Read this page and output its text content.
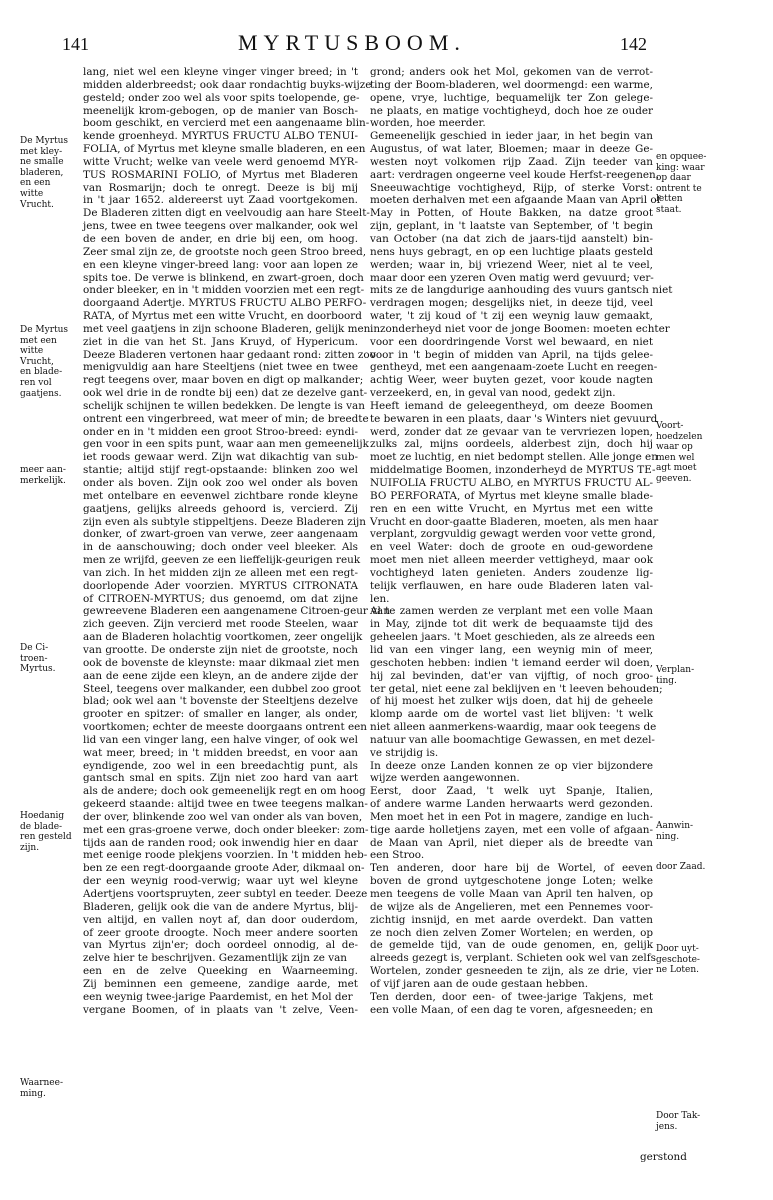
141	MYRTUSBOOM.	142
lang, niet wel een kleyne vinger vinger breed; in 't
midden alderbreedst; ook daar rondachtig buyks-wijze
gesteld; onder zoo wel als voor spits toelopende, ge-
meenelijk krom-gebogen, op de manier van Bosch-
boom geschikt, en vercierd met een aangenaame blin-
kende groenheyd. MYRTUS FRUCTU ALBO TENUI-
FOLIA, of Myrtus met kleyne smalle bladeren, en een
witte Vrucht; welke van veele werd genoemd MYR-
TUS ROSMARINI FOLIO, of Myrtus met Bladeren
van Rosmarijn; doch te onregt. Deeze is bij mij
in 't jaar 1652. aldereerst uyt Zaad voortgekomen.
De Bladeren zitten digt en veelvoudig aan hare Steelt-
jens, twee en twee teegens over malkander, ook wel
de een boven de ander, en drie bij een, om hoog.
Zeer smal zijn ze, de grootste noch geen Stroo breed,
en een kleyne vinger-breed lang: voor aan lopen ze
spits toe. De verwe is blinkend, en zwart-groen, doch
onder bleeker, en in 't midden voorzien met een regt-
doorgaand Adertje. MYRTUS FRUCTU ALBO PERFO-
RATA, of Myrtus met een witte Vrucht, en doorboord
met veel gaatjens in zijn schoone Bladeren, gelijk men
ziet in die van het St. Jans Kruyd, of Hypericum.
Deeze Bladeren vertonen haar gedaant rond: zitten zoo
menigvuldig aan hare Steeltjens (niet twee en twee
regt teegens over, maar boven en digt op malkander;
ook wel drie in de rondte bij een) dat ze dezelve gant-
schelijk schijnen te willen bedekken. De lengte is van
ontrent een vingerbreed, wat meer of min; de breedte
onder en in 't midden een groot Stroo-breed: eyndi-
gen voor in een spits punt, waar aan men gemeenelijk
iet roods gewaar werd. Zijn wat dikachtig van sub-
stantie; altijd stijf regt-opstaande: blinken zoo wel
onder als boven. Zijn ook zoo wel onder als boven
met ontelbare en eevenwel zichtbare ronde kleyne
gaatjens, gelijks alreeds gehoord is, vercierd. Zij
zijn even als subtyle stippeltjens. Deeze Bladeren zijn
donker, of zwart-groen van verwe, zeer aangenaam
in de aanschouwing; doch onder veel bleeker. Als
men ze wrijfd, geeven ze een lieffelijk-geurigen reuk
van zich. In het midden zijn ze alleen met een regt-
doorlopende Ader voorzien. MYRTUS CITRONATA
of CITROEN-MYRTUS; dus genoemd, om dat zijne
gewreevene Bladeren een aangenamene Citroen-geur van
zich geeven. Zijn vercierd met roode Steelen, waar
aan de Bladeren holachtig voortkomen, zeer ongelijk
van grootte. De onderste zijn niet de grootste, noch
ook de bovenste de kleynste: maar dikmaal ziet men
aan de eene zijde een kleyn, an de andere zijde der
Steel, teegens over malkander, een dubbel zoo groot
blad; ook wel aan 't bovenste der Steeltjens dezelve
grooter en spitzer: of smaller en langer, als onder,
voortkomen; echter de meeste doorgaans ontrent een
lid van een vinger lang, een halve vinger, of ook wel
wat meer, breed; in 't midden breedst, en voor aan
eyndigende, zoo wel in een breedachtig punt, als
gantsch smal en spits. Zijn niet zoo hard van aart
als de andere; doch ook gemeenelijk regt en om hoog
gekeerd staande: altijd twee en twee teegens malkan-
der over, blinkende zoo wel van onder als van boven,
met een gras-groene verwe, doch onder bleeker: zom-
tijds aan de randen rood; ook inwendig hier en daar
met eenige roode plekjens voorzien. In 't midden heb-
ben ze een regt-doorgaande groote Ader, dikmaal on-
der een weynig rood-verwig; waar uyt wel kleyne
Adertjens voortspruyten, zeer subtyl en teeder. Deeze
Bladeren, gelijk ook die van de andere Myrtus, blij-
ven altijd, en vallen noyt af, dan door ouderdom,
of zeer groote droogte. Noch meer andere soorten
van Myrtus zijn'er; doch oordeel onnodig, al de-
zelve hier te beschrijven. Gezamentlijk zijn ze van
een en de zelve Queeking en Waarneeming.
Zij beminnen een gemeene, zandige aarde, met
een weynig twee-jarige Paardemist, en het Mol der
vergane Boomen, of in plaats van 't zelve, Veen-
grond; anders ook het Mol, gekomen van de verrot-
ting der Boom-bladeren, wel doormengd: een warme,
opene, vrye, luchtige, bequamelijk ter Zon gelege-
ne plaats, en matige vochtigheyd, doch hoe ze ouder
worden, hoe meerder.
Gemeenelijk geschied in ieder jaar, in het begin van
Augustus, of wat later, Bloemen; maar in deeze Ge-
westen noyt volkomen rijp Zaad. Zijn teeder van
aart: verdragen ongeerne veel koude Herfst-reegenen,
Sneeuwachtige vochtigheyd, Rijp, of sterke Vorst:
moeten derhalven met een afgaande Maan van April of
May in Potten, of Houte Bakken, na datze groot
zijn, geplant, in 't laatste van September, of 't begin
van October (na dat zich de jaars-tijd aanstelt) bin-
nens huys gebragt, en op een luchtige plaats gesteld
werden; waar in, bij vriezend Weer, niet al te veel,
maar door een yzeren Oven matig werd gevuurd; ver-
mits ze de langdurige aanhouding des vuurs gantsch niet
verdragen mogen; desgelijks niet, in deeze tijd, veel
water, 't zij koud of 't zij een weynig lauw gemaakt,
inzonderheyd niet voor de jonge Boomen: moeten echter
voor een doordringende Vorst wel bewaard, en niet
voor in 't begin of midden van April, na tijds gelee-
gentheyd, met een aangenaam-zoete Lucht en reegen-
achtig Weer, weer buyten gezet, voor koude nagten
verzeekerd, en, in geval van nood, gedekt zijn.
Heeft iemand de geleegentheyd, om deeze Boomen
te bewaren in een plaats, daar 's Winters niet gevuurd
werd, zonder dat ze gevaar van te vervriezen lopen,
zulks zal, mijns oordeels, alderbest zijn, doch hij
moet ze luchtig, en niet bedompt stellen. Alle jonge en
middelmatige Boomen, inzonderheyd de MYRTUS TE-
NUIFOLIA FRUCTU ALBO, en MYRTUS FRUCTU AL-
BO PERFORATA, of Myrtus met kleyne smalle blade-
ren en een witte Vrucht, en Myrtus met een witte
Vrucht en door-gaatte Bladeren, moeten, als men haar
verplant, zorgvuldig gewagt werden voor vette grond,
en veel Water: doch de groote en oud-gewordene
moet men niet alleen meerder vettigheyd, maar ook
vochtigheyd laten genieten. Anders zoudenze lig-
telijk verflauwen, en hare oude Bladeren laten val-
len.
Al te zamen werden ze verplant met een volle Maan
in May, zijnde tot dit werk de bequaamste tijd des
geheelen jaars. 't Moet geschieden, als ze alreeds een
lid van een vinger lang, een weynig min of meer,
geschoten hebben: indien 't iemand eerder wil doen,
hij zal bevinden, dat'er van vijftig, of noch groo-
ter getal, niet eene zal beklijven en 't leeven behouden;
of hij moest het zulker wijs doen, dat hij de geheele
klomp aarde om de wortel vast liet blijven: 't welk
niet alleen aanmerkens-waardig, maar ook teegens de
natuur van alle boomachtige Gewassen, en met dezel-
ve strijdig is.
In deeze onze Landen konnen ze op vier bijzondere
wijze werden aangewonnen.
Eerst, door Zaad, 't welk uyt Spanje, Italien,
of andere warme Landen herwaarts werd gezonden.
Men moet het in een Pot in magere, zandige en luch-
tige aarde holletjens zayen, met een volle of afgaan-
de Maan van April, niet dieper als de breedte van
een Stroo.
Ten anderen, door hare bij de Wortel, of eeven
boven de grond uytgeschotene jonge Loten; welke
men teegens de volle Maan van April ten halven, op
de wijze als de Angelieren, met een Pennemes voor-
zichtig insnijd, en met aarde overdekt. Dan vatten
ze noch dien zelven Zomer Wortelen; en werden, op
de gemelde tijd, van de oude genomen, en, gelijk
alreeds gezegt is, verplant. Schieten ook wel van zelfs
Wortelen, zonder gesneeden te zijn, als ze drie, vier
of vijf jaren aan de oude gestaan hebben.
Ten derden, door een- of twee-jarige Takjens, met
een volle Maan, of een dag te voren, afgesneeden; en
De Myrtus
met kley-
ne smalle
bladeren,
en een
witte
Vrucht.
De Myrtus
met een
witte
Vrucht,
en blade-
ren vol
gaatjens.
meer aan-
merkelijk.
De Ci-
troen-
Myrtus.
Hoedanig
de blade-
ren gesteld
zijn.
Waarnee-
ming.
en opquee-
king: waar
op daar
ontrent te
letten
staat.
Voort-
hoedzelen
waar op
men wel
agt moet
geeven.
Verplan-
ting.
Aanwin-
ning.
door Zaad.
Door uyt-
geschote-
ne Loten.
Door Tak-
jens.
gerstond
